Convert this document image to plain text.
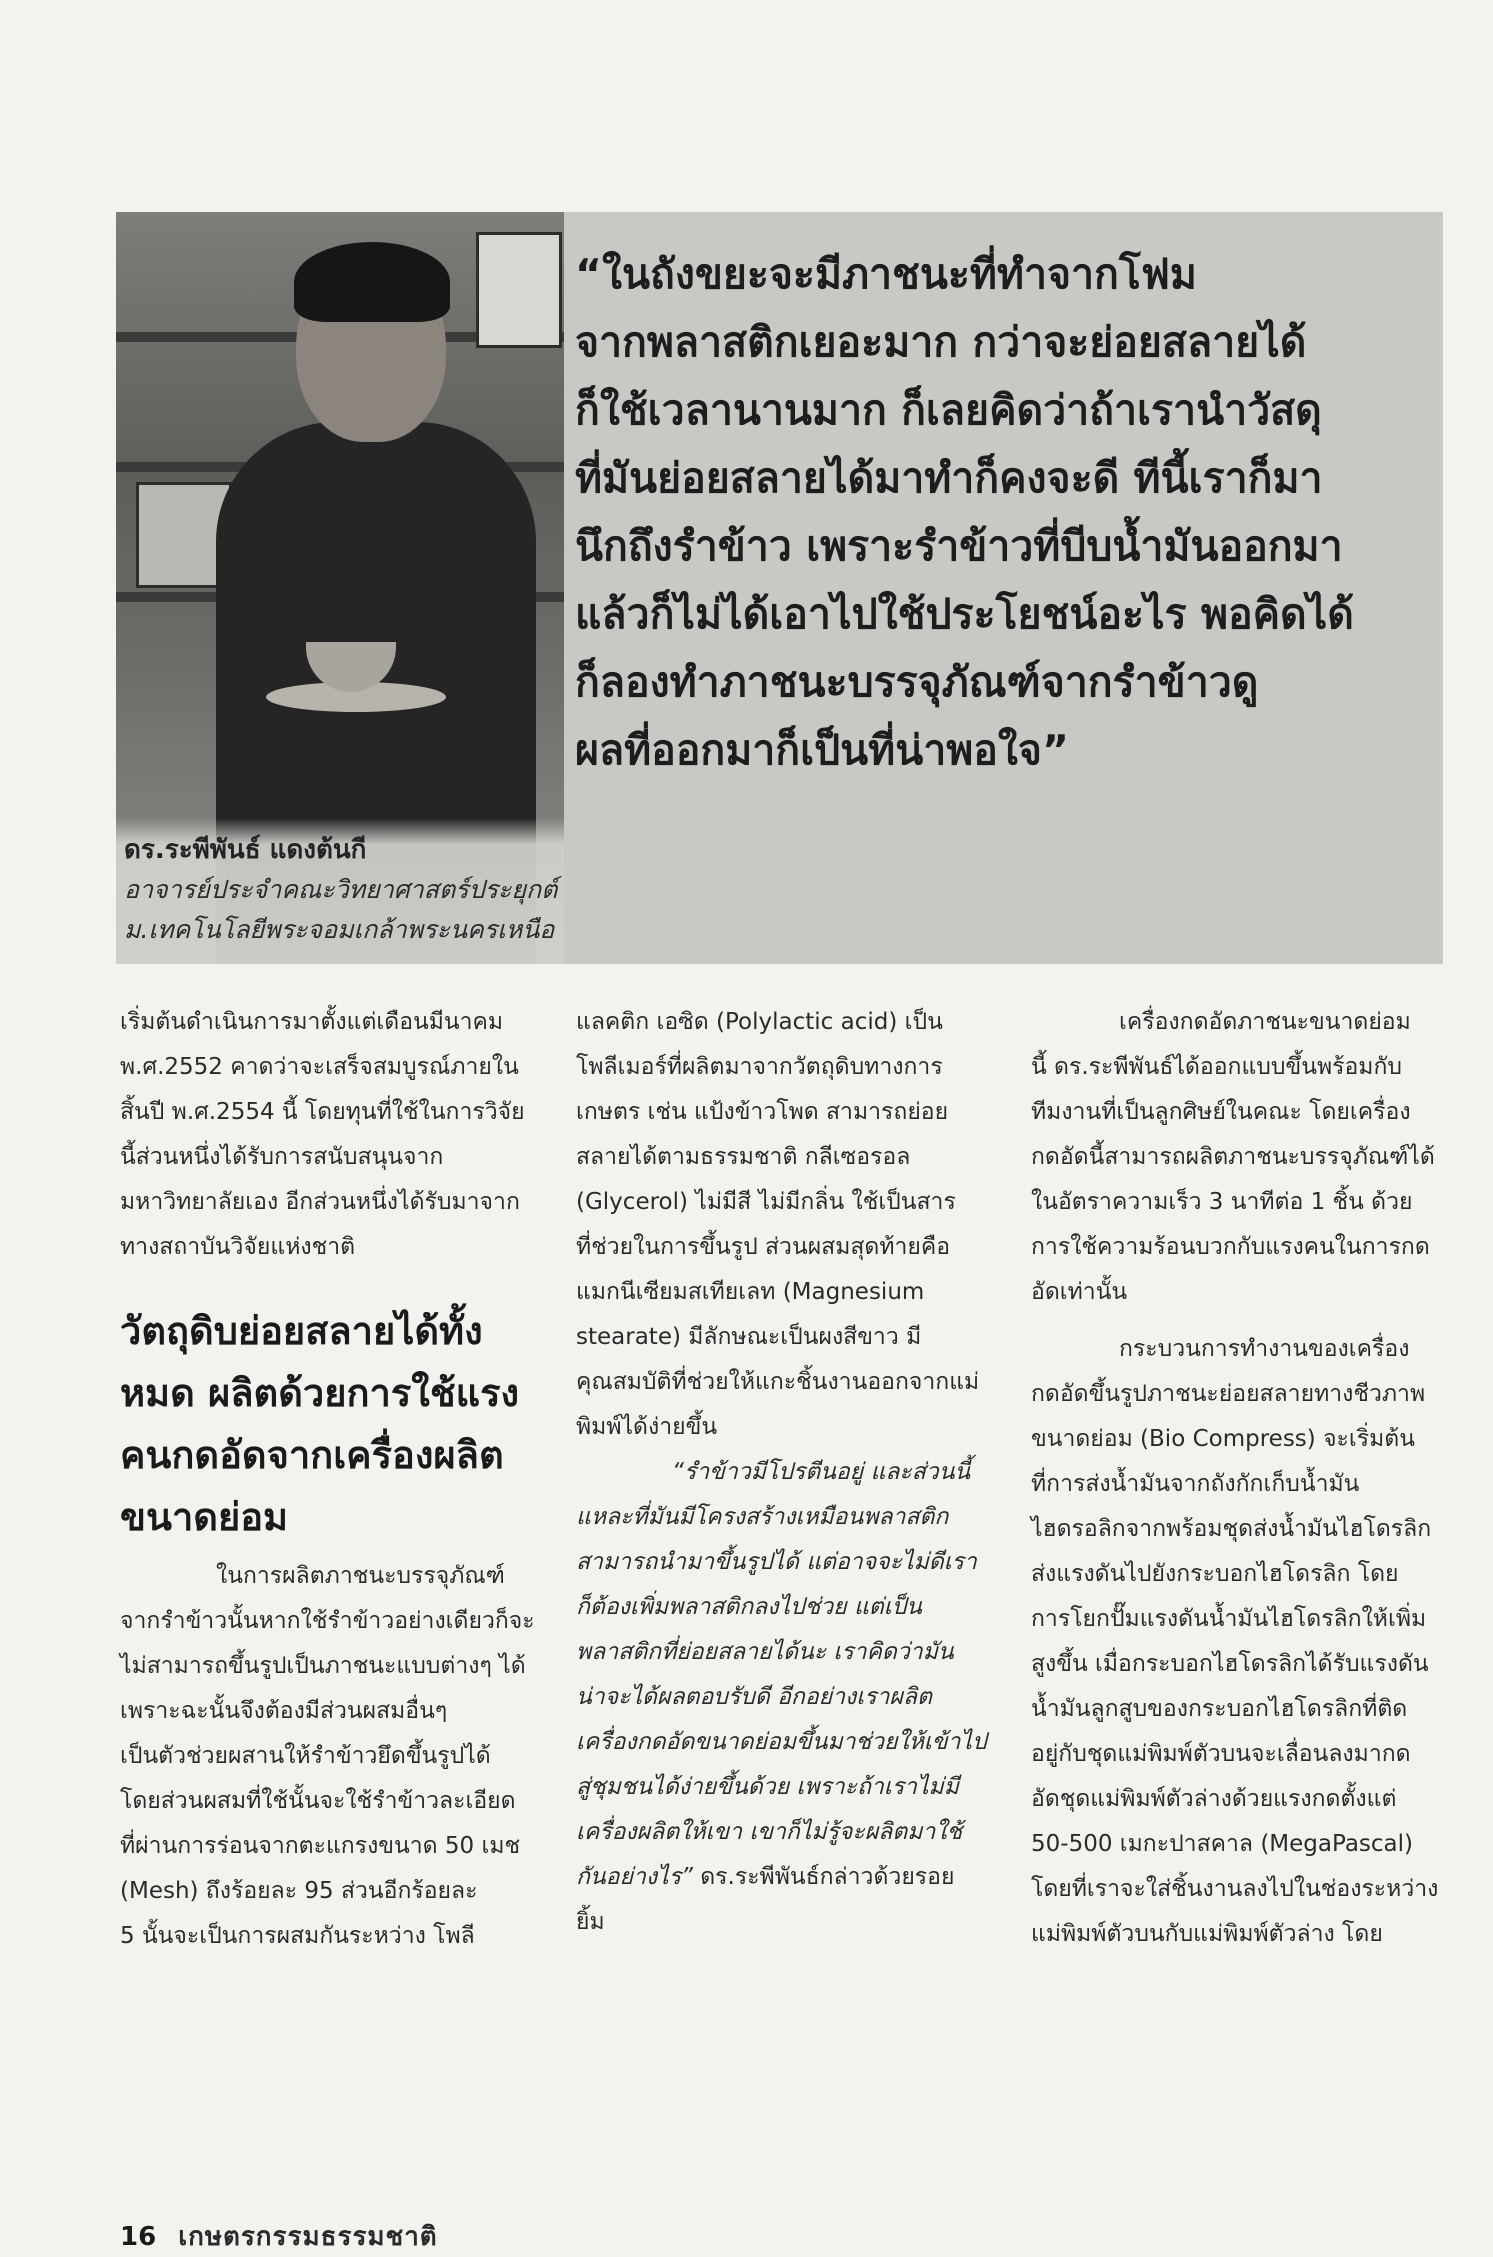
ดร.ระพีพันธ์ แดงต้นกี
อาจารย์ประจำคณะวิทยาศาสตร์ประยุกต์
ม.เทคโนโลยีพระจอมเกล้าพระนครเหนือ
“ในถังขยะจะมีภาชนะที่ทำจากโฟม
จากพลาสติกเยอะมาก กว่าจะย่อยสลายได้
ก็ใช้เวลานานมาก ก็เลยคิดว่าถ้าเรานำวัสดุ
ที่มันย่อยสลายได้มาทำก็คงจะดี ทีนี้เราก็มา
นึกถึงรำข้าว เพราะรำข้าวที่บีบน้ำมันออกมา
แล้วก็ไม่ได้เอาไปใช้ประโยชน์อะไร พอคิดได้
ก็ลองทำภาชนะบรรจุภัณฑ์จากรำข้าวดู
ผลที่ออกมาก็เป็นที่น่าพอใจ”
เริ่มต้นดำเนินการมาตั้งแต่เดือนมีนาคม
พ.ศ.2552 คาดว่าจะเสร็จสมบูรณ์ภายใน
สิ้นปี พ.ศ.2554 นี้ โดยทุนที่ใช้ในการวิจัย
นี้ส่วนหนึ่งได้รับการสนับสนุนจาก
มหาวิทยาลัยเอง อีกส่วนหนึ่งได้รับมาจาก
ทางสถาบันวิจัยแห่งชาติ
วัตถุดิบย่อยสลายได้ทั้ง
หมด ผลิตด้วยการใช้แรง
คนกดอัดจากเครื่องผลิต
ขนาดย่อม
ในการผลิตภาชนะบรรจุภัณฑ์
จากรำข้าวนั้นหากใช้รำข้าวอย่างเดียวก็จะ
ไม่สามารถขึ้นรูปเป็นภาชนะแบบต่างๆ ได้
เพราะฉะนั้นจึงต้องมีส่วนผสมอื่นๆ
เป็นตัวช่วยผสานให้รำข้าวยึดขึ้นรูปได้
โดยส่วนผสมที่ใช้นั้นจะใช้รำข้าวละเอียด
ที่ผ่านการร่อนจากตะแกรงขนาด 50 เมช
(Mesh) ถึงร้อยละ 95 ส่วนอีกร้อยละ
5 นั้นจะเป็นการผสมกันระหว่าง โพลี
แลคติก เอซิด (Polylactic acid) เป็น
โพลีเมอร์ที่ผลิตมาจากวัตถุดิบทางการ
เกษตร เช่น แป้งข้าวโพด สามารถย่อย
สลายได้ตามธรรมชาติ กลีเซอรอล
(Glycerol) ไม่มีสี ไม่มีกลิ่น ใช้เป็นสาร
ที่ช่วยในการขึ้นรูป ส่วนผสมสุดท้ายคือ
แมกนีเซียมสเทียเลท (Magnesium
stearate) มีลักษณะเป็นผงสีขาว มี
คุณสมบัติที่ช่วยให้แกะชิ้นงานออกจากแม่
พิมพ์ได้ง่ายขึ้น
“รำข้าวมีโปรตีนอยู่ และส่วนนี้
แหละที่มันมีโครงสร้างเหมือนพลาสติก
สามารถนำมาขึ้นรูปได้ แต่อาจจะไม่ดีเรา
ก็ต้องเพิ่มพลาสติกลงไปช่วย แต่เป็น
พลาสติกที่ย่อยสลายได้นะ เราคิดว่ามัน
น่าจะได้ผลตอบรับดี อีกอย่างเราผลิต
เครื่องกดอัดขนาดย่อมขึ้นมาช่วยให้เข้าไป
สู่ชุมชนได้ง่ายขึ้นด้วย เพราะถ้าเราไม่มี
เครื่องผลิตให้เขา เขาก็ไม่รู้จะผลิตมาใช้
กันอย่างไร” ดร.ระพีพันธ์กล่าวด้วยรอย
ยิ้ม
เครื่องกดอัดภาชนะขนาดย่อม
นี้ ดร.ระพีพันธ์ได้ออกแบบขึ้นพร้อมกับ
ทีมงานที่เป็นลูกศิษย์ในคณะ โดยเครื่อง
กดอัดนี้สามารถผลิตภาชนะบรรจุภัณฑ์ได้
ในอัตราความเร็ว 3 นาทีต่อ 1 ชิ้น ด้วย
การใช้ความร้อนบวกกับแรงคนในการกด
อัดเท่านั้น
กระบวนการทำงานของเครื่อง
กดอัดขึ้นรูปภาชนะย่อยสลายทางชีวภาพ
ขนาดย่อม (Bio Compress) จะเริ่มต้น
ที่การส่งน้ำมันจากถังกักเก็บน้ำมัน
ไฮดรอลิกจากพร้อมชุดส่งน้ำมันไฮโดรลิก
ส่งแรงดันไปยังกระบอกไฮโดรลิก โดย
การโยกปั๊มแรงดันน้ำมันไฮโดรลิกให้เพิ่ม
สูงขึ้น เมื่อกระบอกไฮโดรลิกได้รับแรงดัน
น้ำมันลูกสูบของกระบอกไฮโดรลิกที่ติด
อยู่กับชุดแม่พิมพ์ตัวบนจะเลื่อนลงมากด
อัดชุดแม่พิมพ์ตัวล่างด้วยแรงกดตั้งแต่
50-500 เมกะปาสคาล (MegaPascal)
โดยที่เราจะใส่ชิ้นงานลงไปในช่องระหว่าง
แม่พิมพ์ตัวบนกับแม่พิมพ์ตัวล่าง โดย
16 เกษตรกรรมธรรมชาติ
